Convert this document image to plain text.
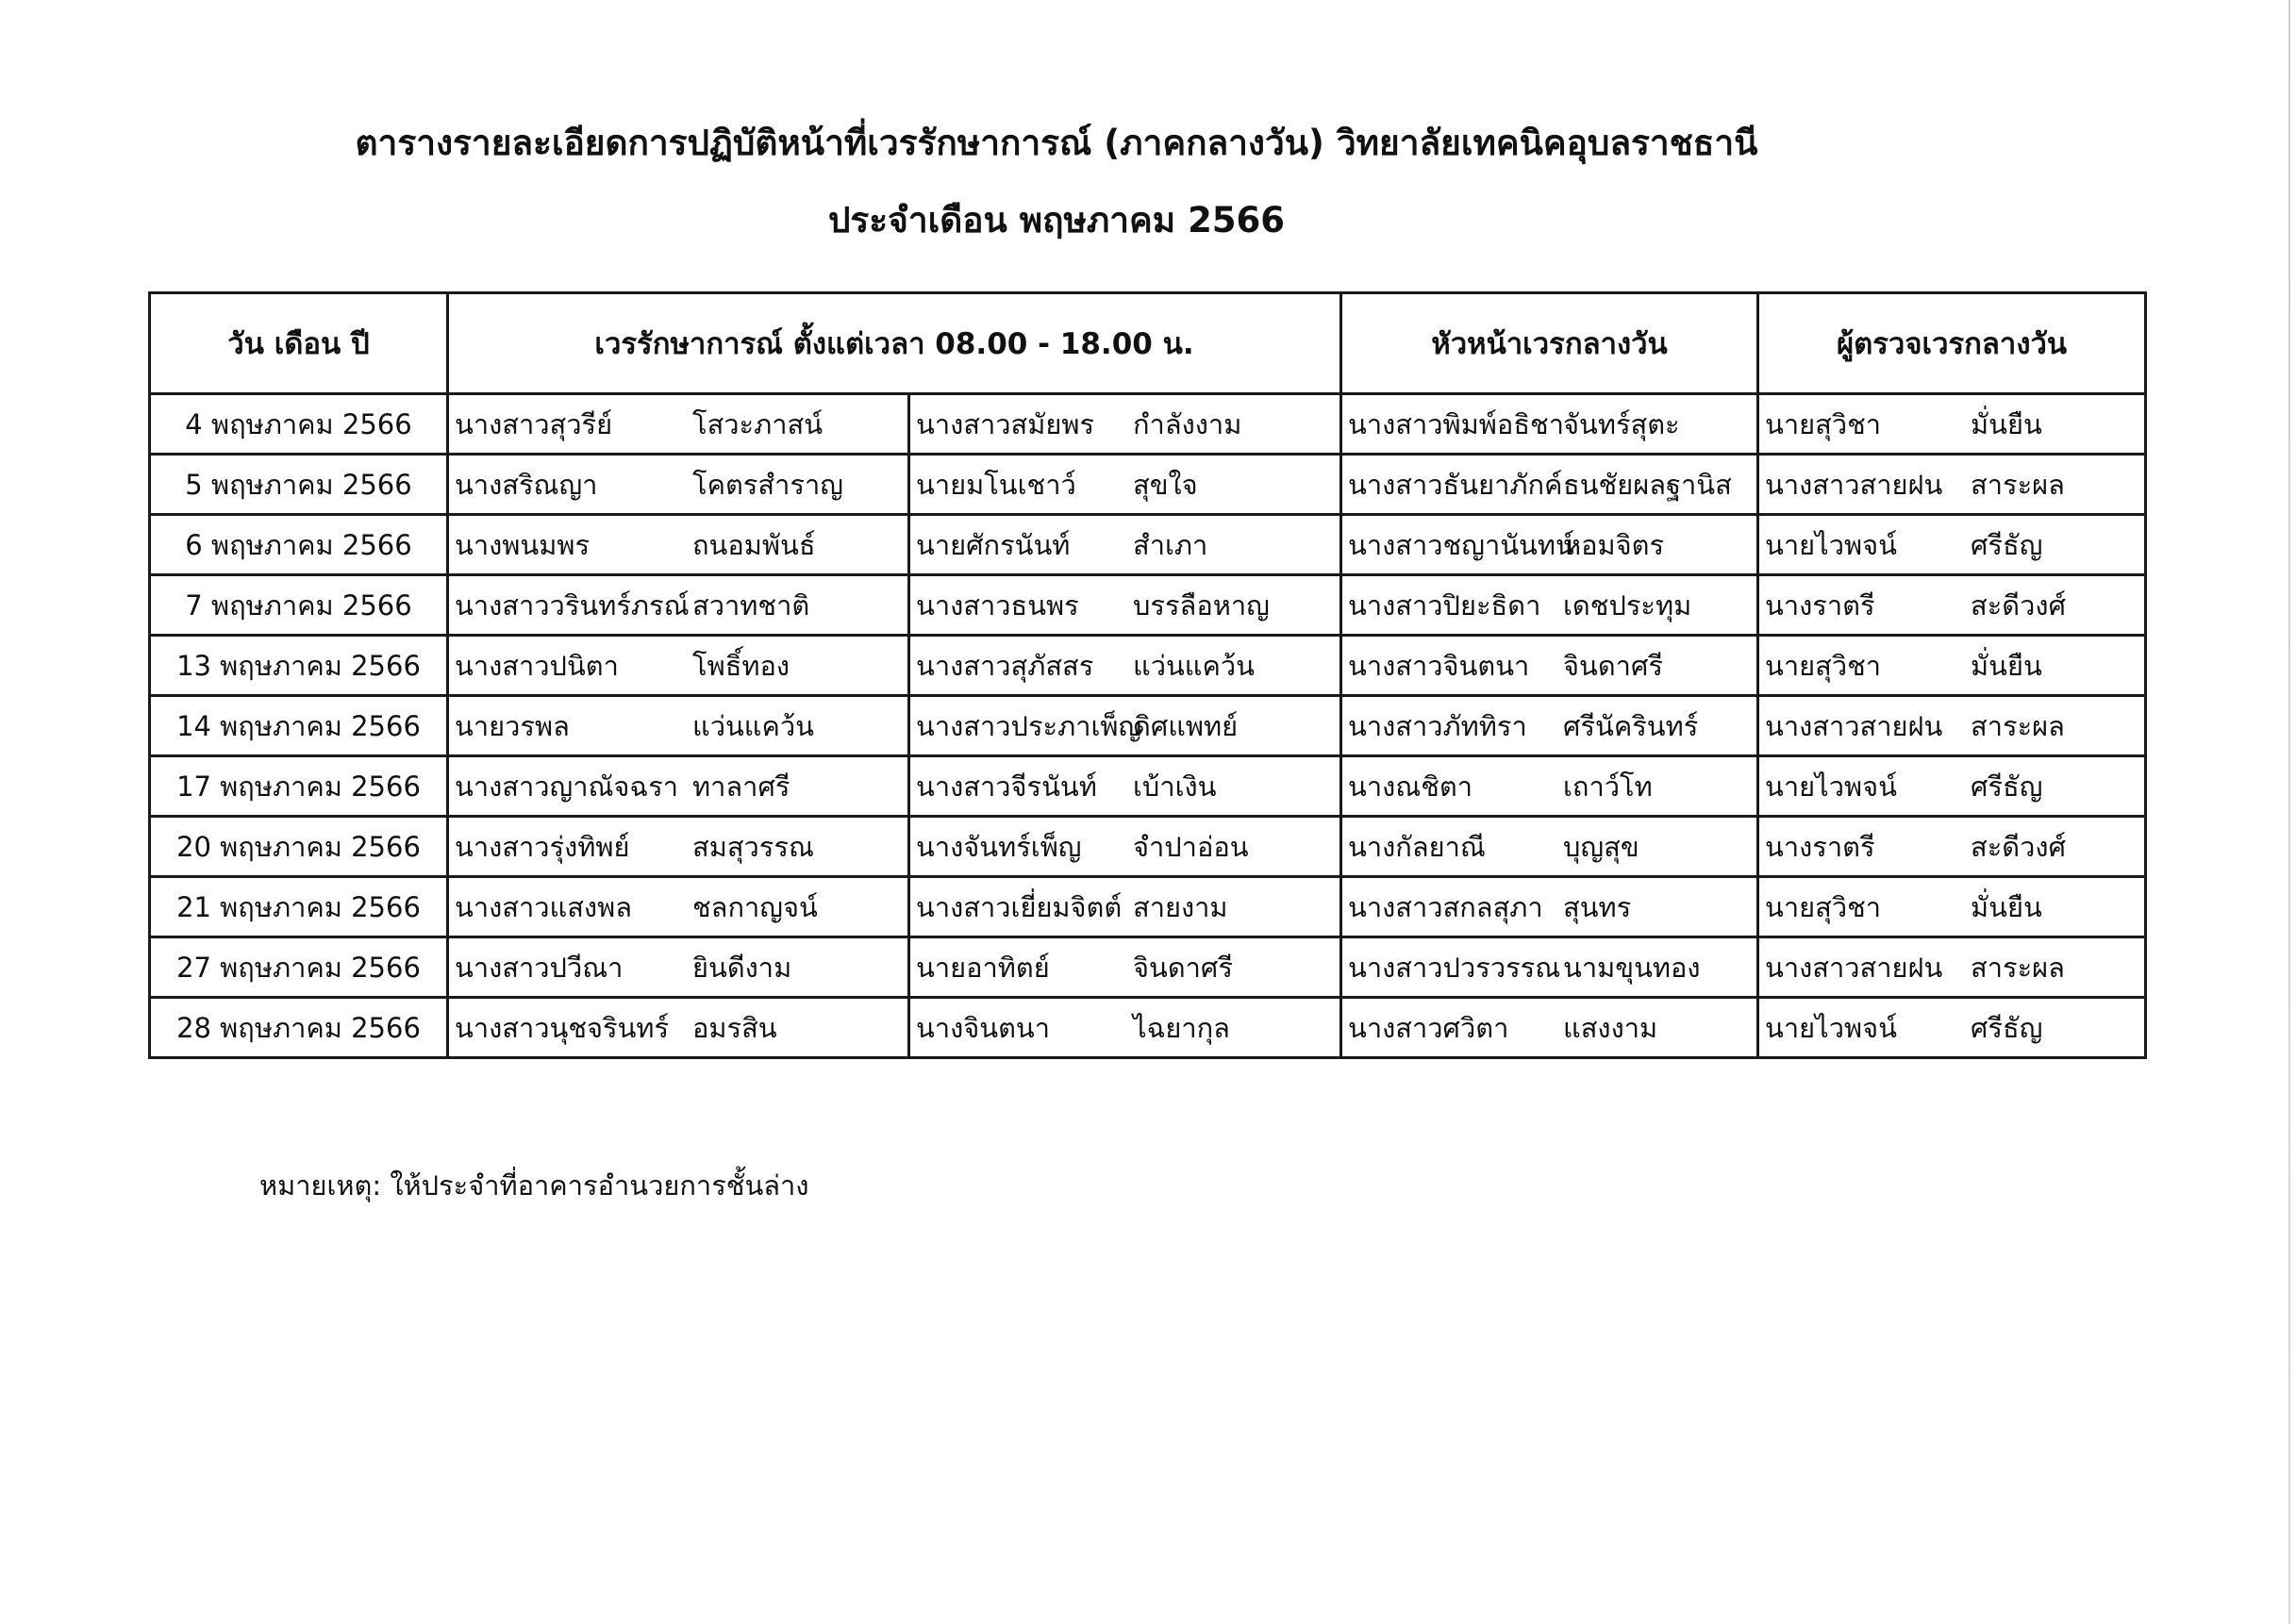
ตารางรายละเอียดการปฏิบัติหน้าที่เวรรักษาการณ์ (ภาคกลางวัน) วิทยาลัยเทคนิคอุบลราชธานี
ประจำเดือน พฤษภาคม 2566
วัน เดือน ปี	เวรรักษาการณ์ ตั้งแต่เวลา 08.00 - 18.00 น.		หัวหน้าเวรกลางวัน	ผู้ตรวจเวรกลางวัน
4 พฤษภาคม 2566	นางสาวสุวรีย์ โสวะภาสน์	นางสาวสมัยพร กำลังงาม	นางสาวพิมพ์อธิชาจันทร์สุตะ	นายสุวิชา มั่นยืน
5 พฤษภาคม 2566	นางสริณญา โคตรสำราญ	นายมโนเชาว์ สุขใจ	นางสาวธันยาภักค์ธนชัยผลฐานิส	นางสาวสายฝน สาระผล
6 พฤษภาคม 2566	นางพนมพร ถนอมพันธ์	นายศักรนันท์ สำเภา	นางสาวชญานันทน์หอมจิตร	นายไวพจน์ ศรีธัญ
7 พฤษภาคม 2566	นางสาววรินทร์ภรณ์ สวาทชาติ	นางสาวธนพร บรรลือหาญ	นางสาวปิยะธิดา เดชประทุม	นางราตรี สะดีวงศ์
13 พฤษภาคม 2566	นางสาวปนิตา โพธิ์ทอง	นางสาวสุภัสสร แว่นแคว้น	นางสาวจินตนา จินดาศรี	นายสุวิชา มั่นยืน
14 พฤษภาคม 2566	นายวรพล แว่นแคว้น	นางสาวประภาเพ็ญดิศแพทย์	นางสาวภัททิรา ศรีนัครินทร์	นางสาวสายฝน สาระผล
17 พฤษภาคม 2566	นางสาวญาณัจฉรา ทาลาศรี	นางสาวจีรนันท์ เบ้าเงิน	นางณชิตา เถาว์โท	นายไวพจน์ ศรีธัญ
20 พฤษภาคม 2566	นางสาวรุ่งทิพย์ สมสุวรรณ	นางจันทร์เพ็ญ จำปาอ่อน	นางกัลยาณี บุญสุข	นางราตรี สะดีวงศ์
21 พฤษภาคม 2566	นางสาวแสงพล ชลกาญจน์	นางสาวเยี่ยมจิตต์ สายงาม	นางสาวสกลสุภา สุนทร	นายสุวิชา มั่นยืน
27 พฤษภาคม 2566	นางสาวปวีณา ยินดีงาม	นายอาทิตย์ จินดาศรี	นางสาวปวรวรรณนามขุนทอง	นางสาวสายฝน สาระผล
28 พฤษภาคม 2566	นางสาวนุชจรินทร์ อมรสิน	นางจินตนา ไฉยากุล	นางสาวศวิตา แสงงาม	นายไวพจน์ ศรีธัญ
หมายเหตุ: ให้ประจำที่อาคารอำนวยการชั้นล่าง
